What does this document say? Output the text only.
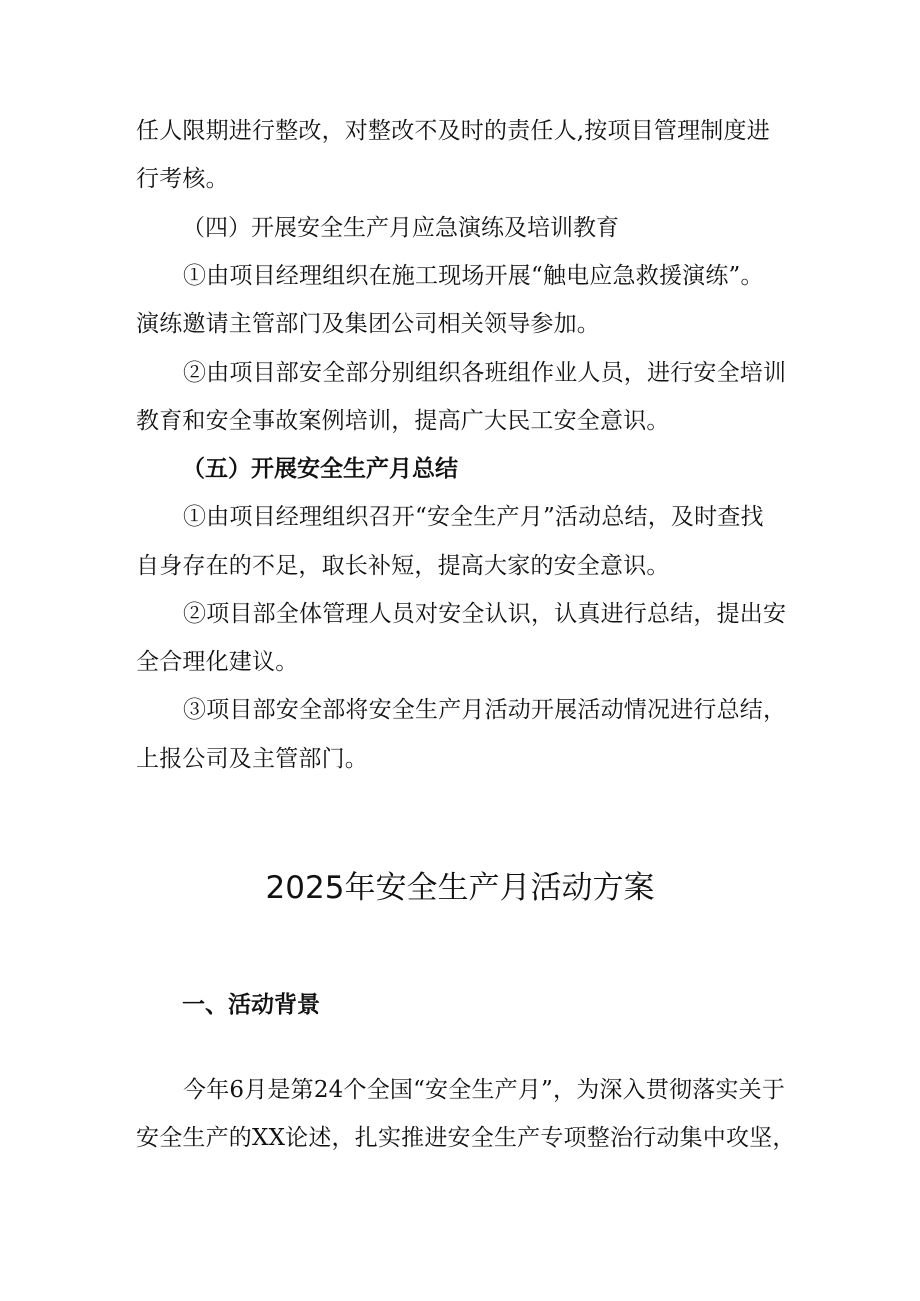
任人限期进行整改，对整改不及时的责任人,按项目管理制度进
行考核。
（四）开展安全生产月应急演练及培训教育
①由项目经理组织在施工现场开展“触电应急救援演练”。
演练邀请主管部门及集团公司相关领导参加。
②由项目部安全部分别组织各班组作业人员，进行安全培训
教育和安全事故案例培训，提高广大民工安全意识。
（五）开展安全生产月总结
①由项目经理组织召开“安全生产月”活动总结，及时查找
自身存在的不足，取长补短，提高大家的安全意识。
②项目部全体管理人员对安全认识，认真进行总结，提出安
全合理化建议。
③项目部安全部将安全生产月活动开展活动情况进行总结，
上报公司及主管部门。
2025年安全生产月活动方案
一、活动背景
今年6月是第24个全国“安全生产月”，为深入贯彻落实关于
安全生产的XX论述，扎实推进安全生产专项整治行动集中攻坚，
